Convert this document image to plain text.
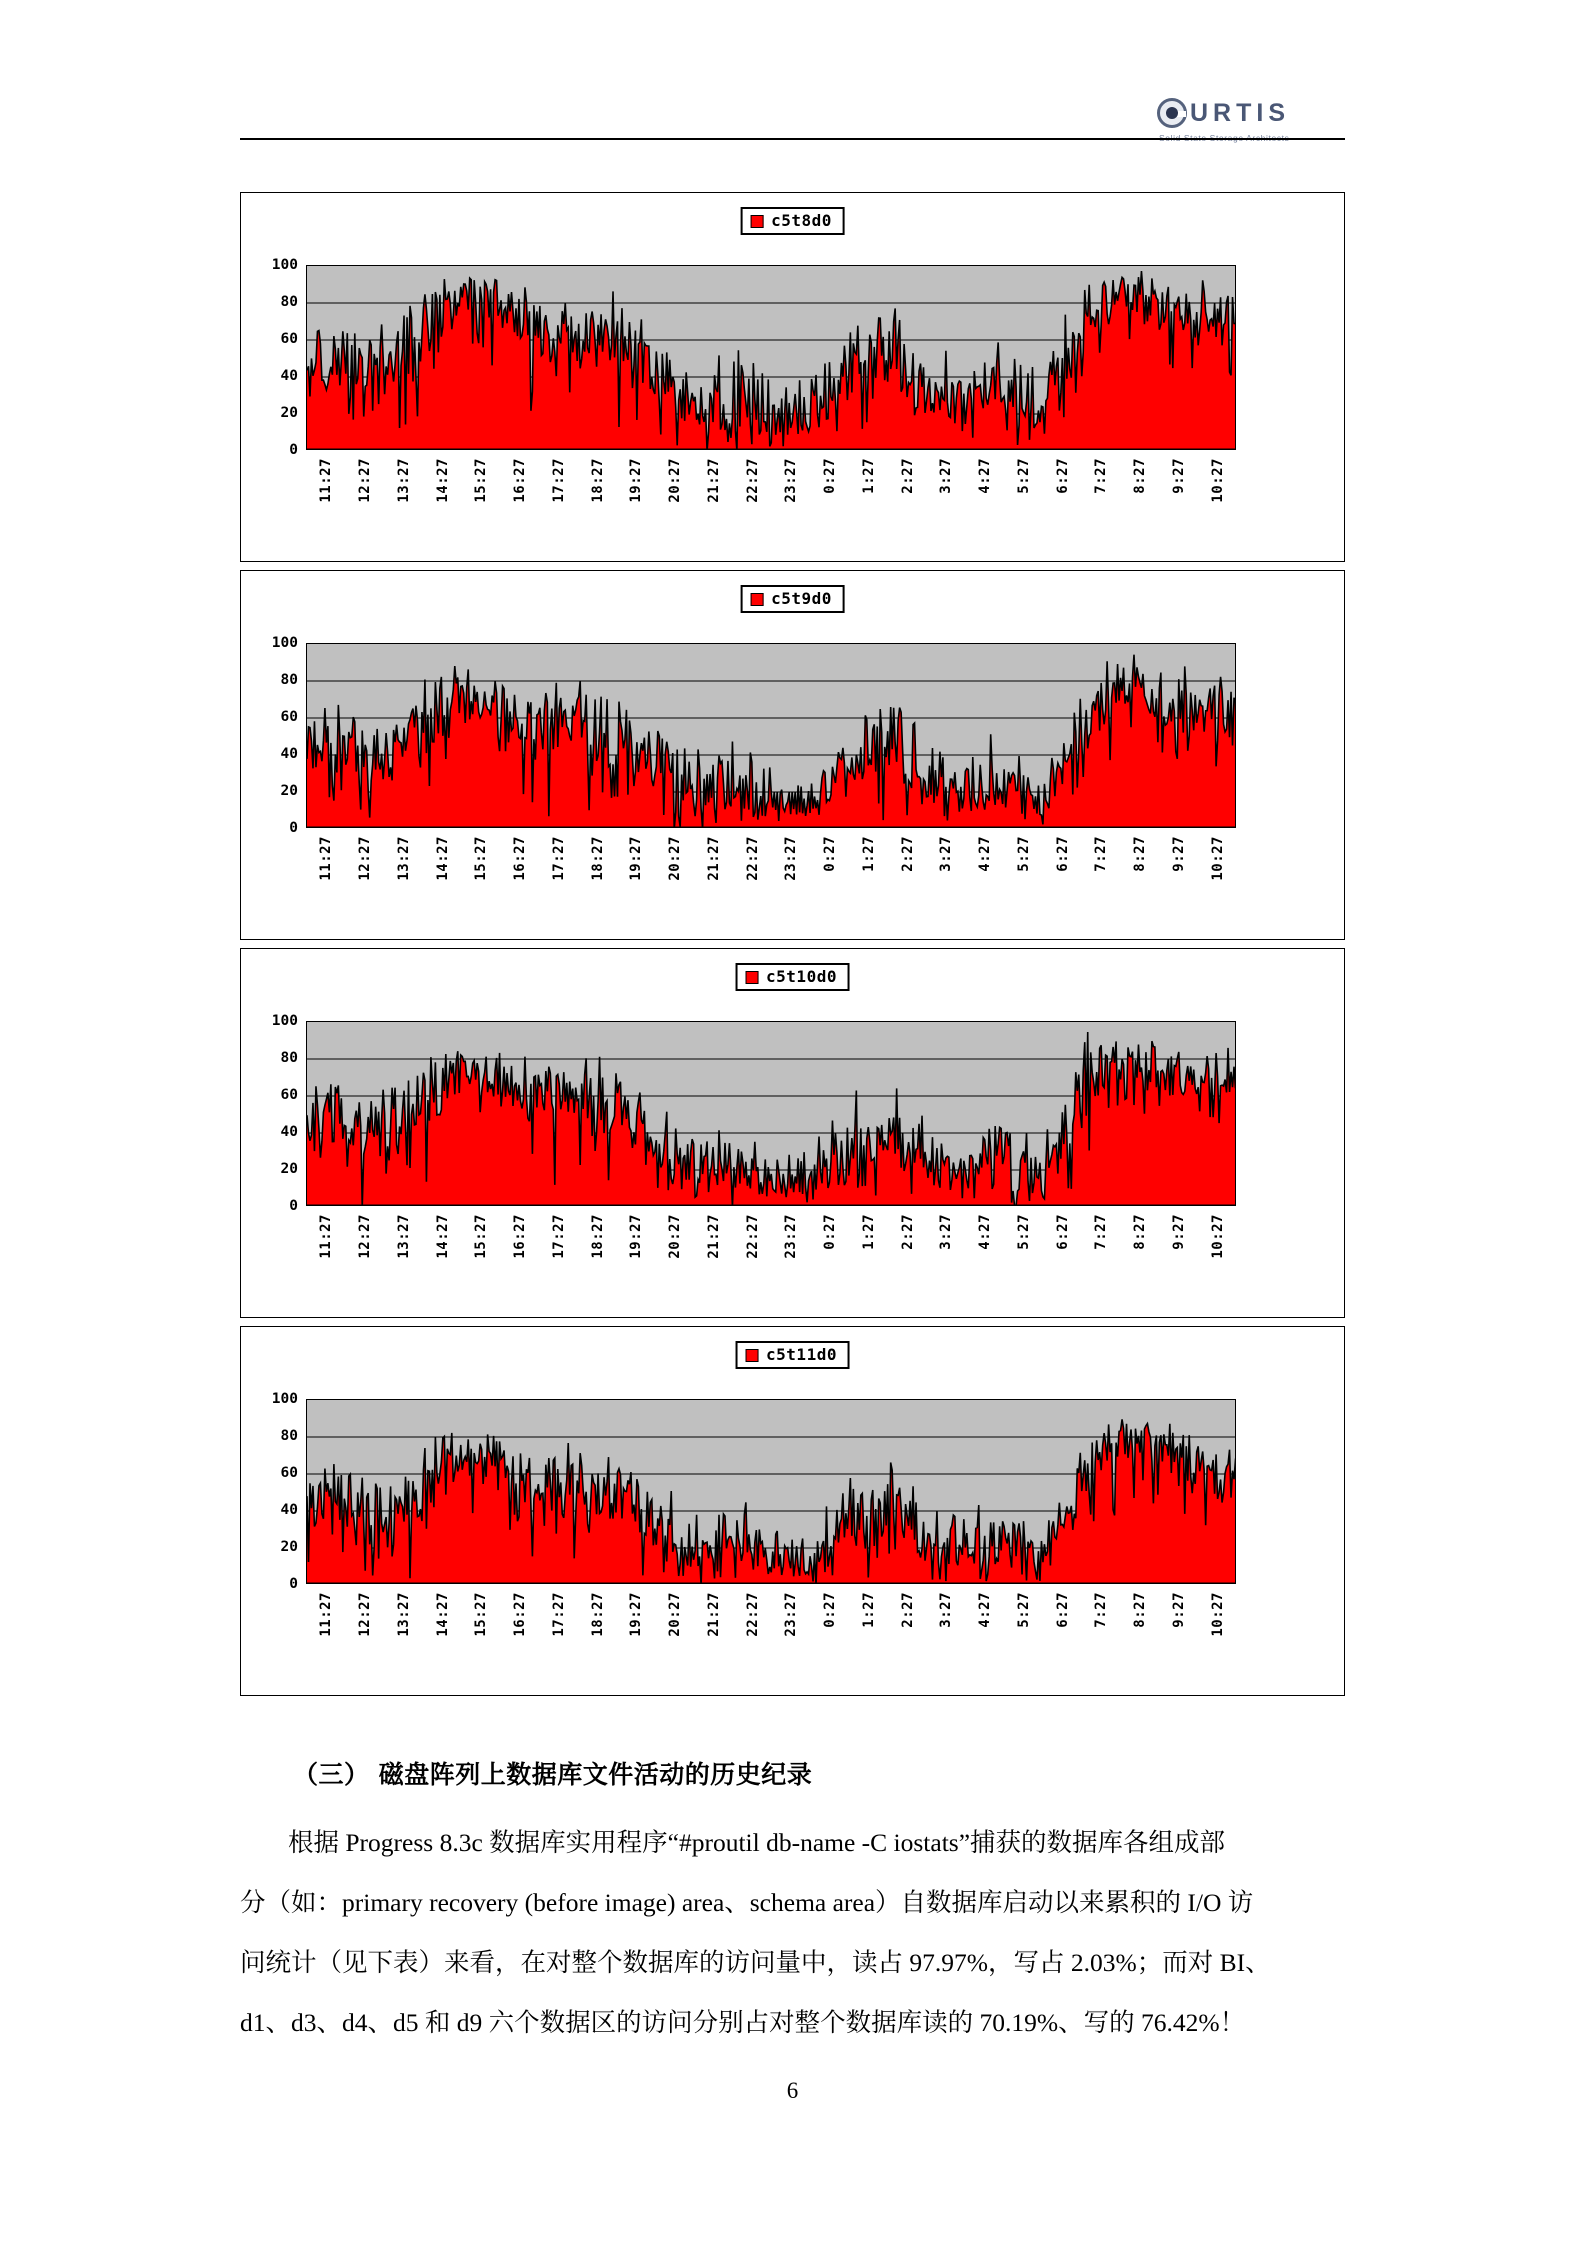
URTIS
c5t8d0
0
20
40
60
80
100
11:27 12:27 13:27 14:27 15:27 16:27 17:27 18:27 19:27 20:27 21:27 22:27 23:27 0:27 1:27 2:27 3:27 4:27 5:27 6:27 7:27 8:27 9:27 10:27
c5t9d0
0
20
40
60
80
100
11:27 12:27 13:27 14:27 15:27 16:27 17:27 18:27 19:27 20:27 21:27 22:27 23:27 0:27 1:27 2:27 3:27 4:27 5:27 6:27 7:27 8:27 9:27 10:27
c5t10d0
0
20
40
60
80
100
11:27 12:27 13:27 14:27 15:27 16:27 17:27 18:27 19:27 20:27 21:27 22:27 23:27 0:27 1:27 2:27 3:27 4:27 5:27 6:27 7:27 8:27 9:27 10:27
c5t11d0
0
20
40
60
80
100
11:27 12:27 13:27 14:27 15:27 16:27 17:27 18:27 19:27 20:27 21:27 22:27 23:27 0:27 1:27 2:27 3:27 4:27 5:27 6:27 7:27 8:27 9:27 10:27
（三） 磁盘阵列上数据库文件活动的历史纪录
根据 Progress 8.3c 数据库实用程序“#proutil db-name -C iostats”捕获的数据库各组成部
分（如：primary recovery (before image) area、schema area）自数据库启动以来累积的 I/O 访
问统计（见下表）来看，在对整个数据库的访问量中，读占 97.97%，写占 2.03%；而对 BI、
d1、d3、d4、d5 和 d9 六个数据区的访问分别占对整个数据库读的 70.19%、写的 76.42%！
6
